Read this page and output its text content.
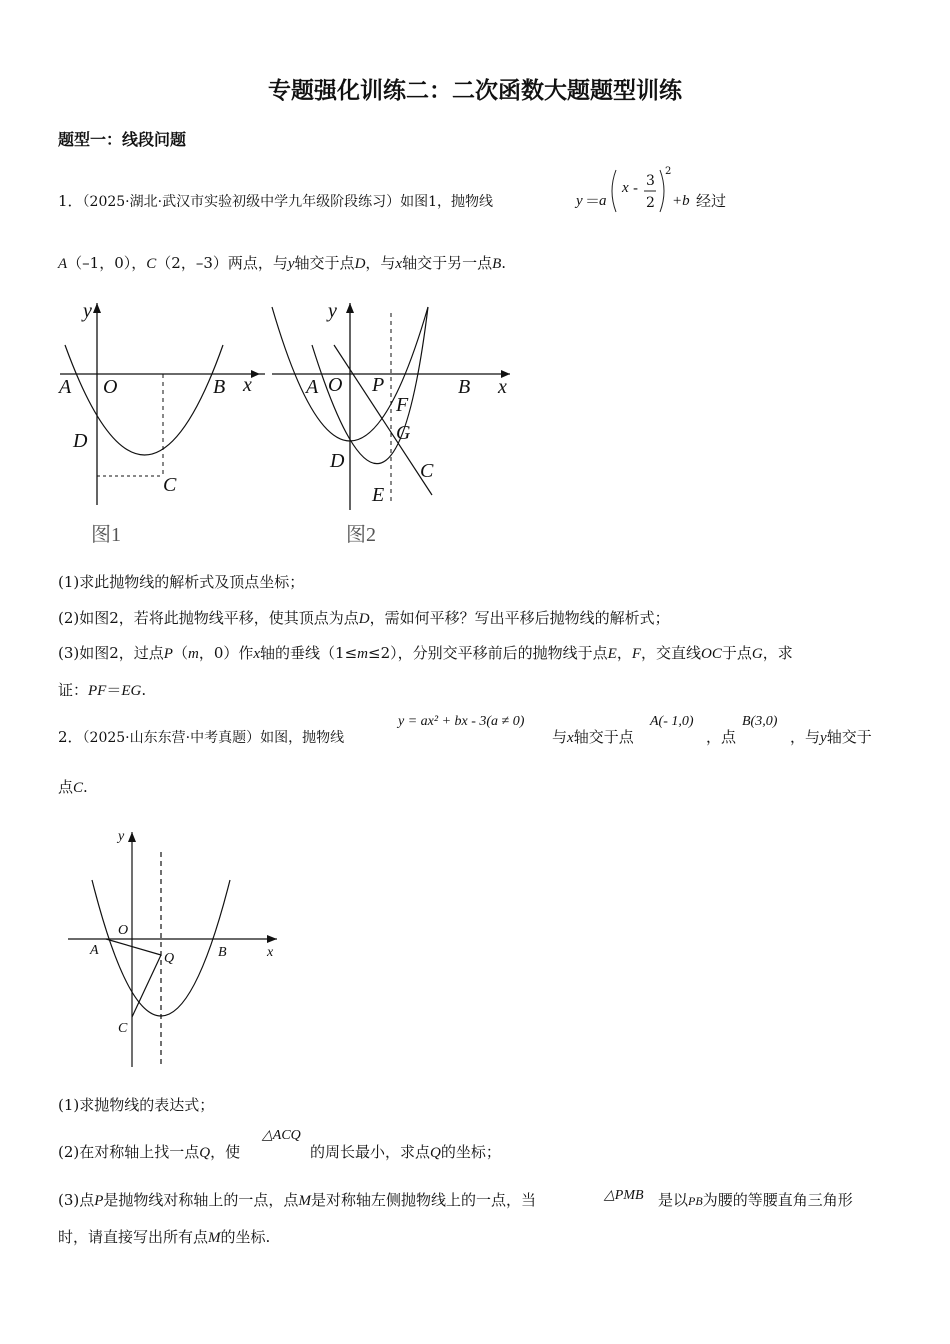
专题强化训练二：二次函数大题题型训练
题型一：线段问题
1．（2025·湖北·武汉市实验初级中学九年级阶段练习）如图1，抛物线	y ＝
a
x - 3
2
2
+b 经过
A（–1，0），C（2，–3）两点，与y轴交于点D，与x轴交于另一点B.
y
x
A O	B
D
C
图1
y
x
A O P	B
F
G
D	C
E
图2
(1)求此抛物线的解析式及顶点坐标；
(2)如图2，若将此抛物线平移，使其顶点为点D，需如何平移？写出平移后抛物线的解析式；
(3)如图2，过点P（m，0）作x轴的垂线（1≤m≤2），分别交平移前后的抛物线于点E，F，交直线OC于点G，求
证：PF＝EG.
2．（2025·山东东营·中考真题）如图，抛物线
y = ax² + bx - 3(a ≠ 0)
与x轴交于点
A(- 1,0)
，点
B(3,0)
，与y轴交于
点C.
y
x
O
A	B
Q
C
(1)求抛物线的表达式；
(2)在对称轴上找一点Q，使
△ACQ
的周长最小，求点Q的坐标；
(3)点P是抛物线对称轴上的一点，点M是对称轴左侧抛物线上的一点，当	△PMB 是以PB为腰的等腰直角三角形
时，请直接写出所有点M的坐标.
